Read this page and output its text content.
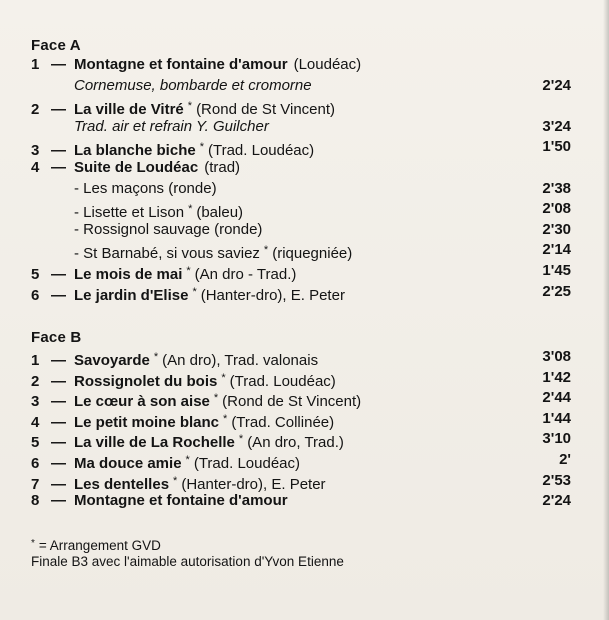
Face A
1 — Montagne et fontaine d'amour (Loudéac)
Cornemuse, bombarde et cromorne	2'24
2 — La ville de Vitré * (Rond de St Vincent)
Trad. air et refrain Y. Guilcher	3'24
3 — La blanche biche * (Trad. Loudéac)	1'50
4 — Suite de Loudéac (trad)
- Les maçons (ronde)	2'38
- Lisette et Lison * (baleu)	2'08
- Rossignol sauvage (ronde)	2'30
- St Barnabé, si vous saviez * (riquegniée)	2'14
5 — Le mois de mai * (An dro - Trad.)	1'45
6 — Le jardin d'Elise * (Hanter-dro), E. Peter	2'25
Face B
1 — Savoyarde * (An dro), Trad. valonais	3'08
2 — Rossignolet du bois * (Trad. Loudéac)	1'42
3 — Le cœur à son aise * (Rond de St Vincent)	2'44
4 — Le petit moine blanc * (Trad. Collinée)	1'44
5 — La ville de La Rochelle * (An dro, Trad.)	3'10
6 — Ma douce amie * (Trad. Loudéac)	2'
7 — Les dentelles * (Hanter-dro), E. Peter	2'53
8 — Montagne et fontaine d'amour	2'24
* = Arrangement GVD
Finale B3 avec l'aimable autorisation d'Yvon Etienne
